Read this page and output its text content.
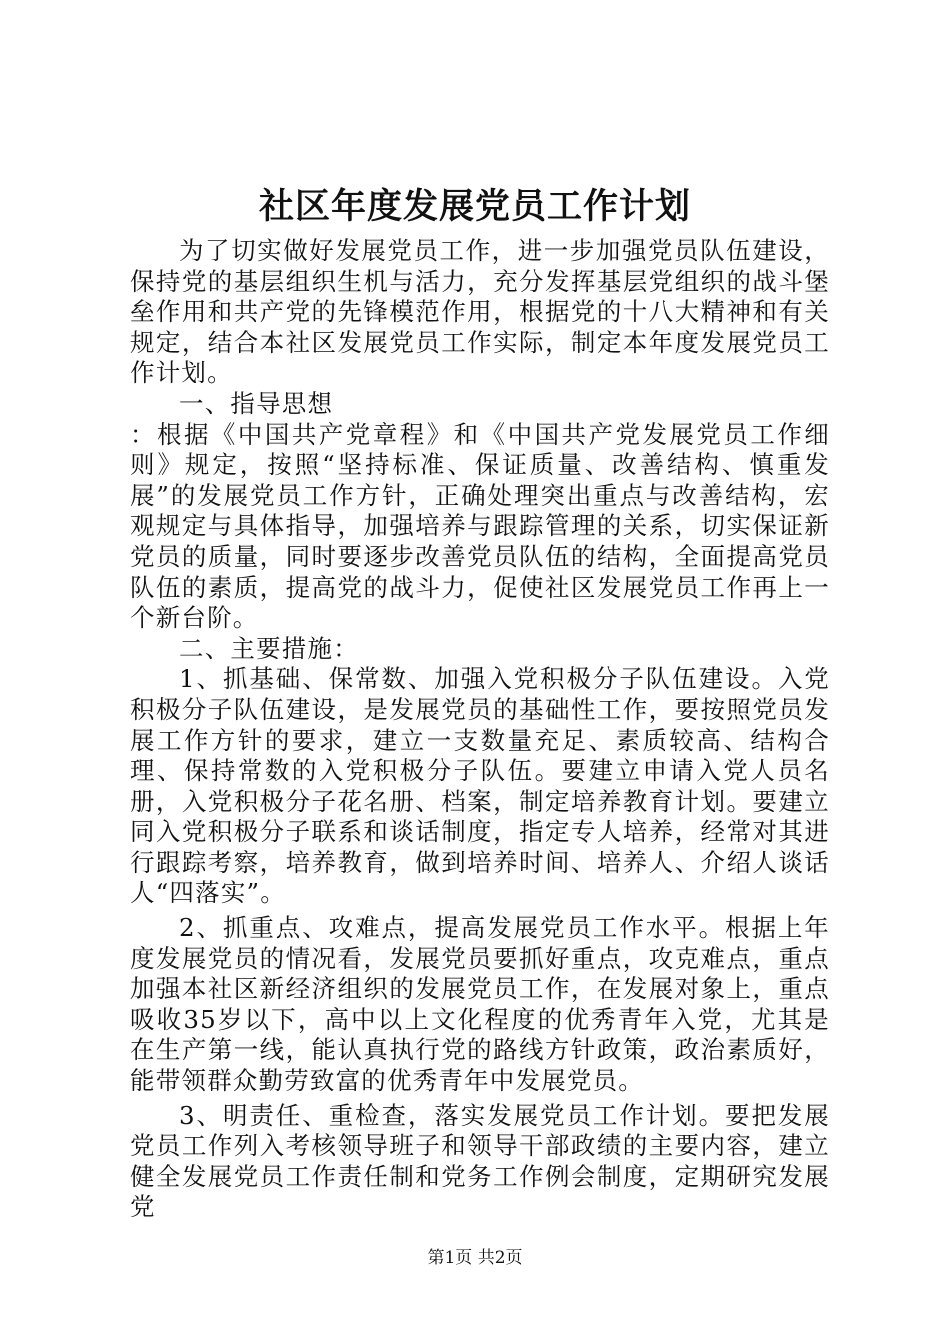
社区年度发展党员工作计划

为了切实做好发展党员工作，进一步加强党员队伍建设，保持党的基层组织生机与活力，充分发挥基层党组织的战斗堡垒作用和共产党的先锋模范作用，根据党的十八大精神和有关规定，结合本社区发展党员工作实际，制定本年度发展党员工作计划。

一、指导思想

：根据《中国共产党章程》和《中国共产党发展党员工作细则》规定，按照“坚持标准、保证质量、改善结构、慎重发展”的发展党员工作方针，正确处理突出重点与改善结构，宏观规定与具体指导，加强培养与跟踪管理的关系，切实保证新党员的质量，同时要逐步改善党员队伍的结构，全面提高党员队伍的素质，提高党的战斗力，促使社区发展党员工作再上一个新台阶。

二、主要措施：

1、抓基础、保常数、加强入党积极分子队伍建设。入党积极分子队伍建设，是发展党员的基础性工作，要按照党员发展工作方针的要求，建立一支数量充足、素质较高、结构合理、保持常数的入党积极分子队伍。要建立申请入党人员名册，入党积极分子花名册、档案，制定培养教育计划。要建立同入党积极分子联系和谈话制度，指定专人培养，经常对其进行跟踪考察，培养教育，做到培养时间、培养人、介绍人谈话人“四落实”。

2、抓重点、攻难点，提高发展党员工作水平。根据上年度发展党员的情况看，发展党员要抓好重点，攻克难点，重点加强本社区新经济组织的发展党员工作，在发展对象上，重点吸收35岁以下，高中以上文化程度的优秀青年入党，尤其是在生产第一线，能认真执行党的路线方针政策，政治素质好，能带领群众勤劳致富的优秀青年中发展党员。

3、明责任、重检查，落实发展党员工作计划。要把发展党员工作列入考核领导班子和领导干部政绩的主要内容，建立健全发展党员工作责任制和党务工作例会制度，定期研究发展党

第1页 共2页
